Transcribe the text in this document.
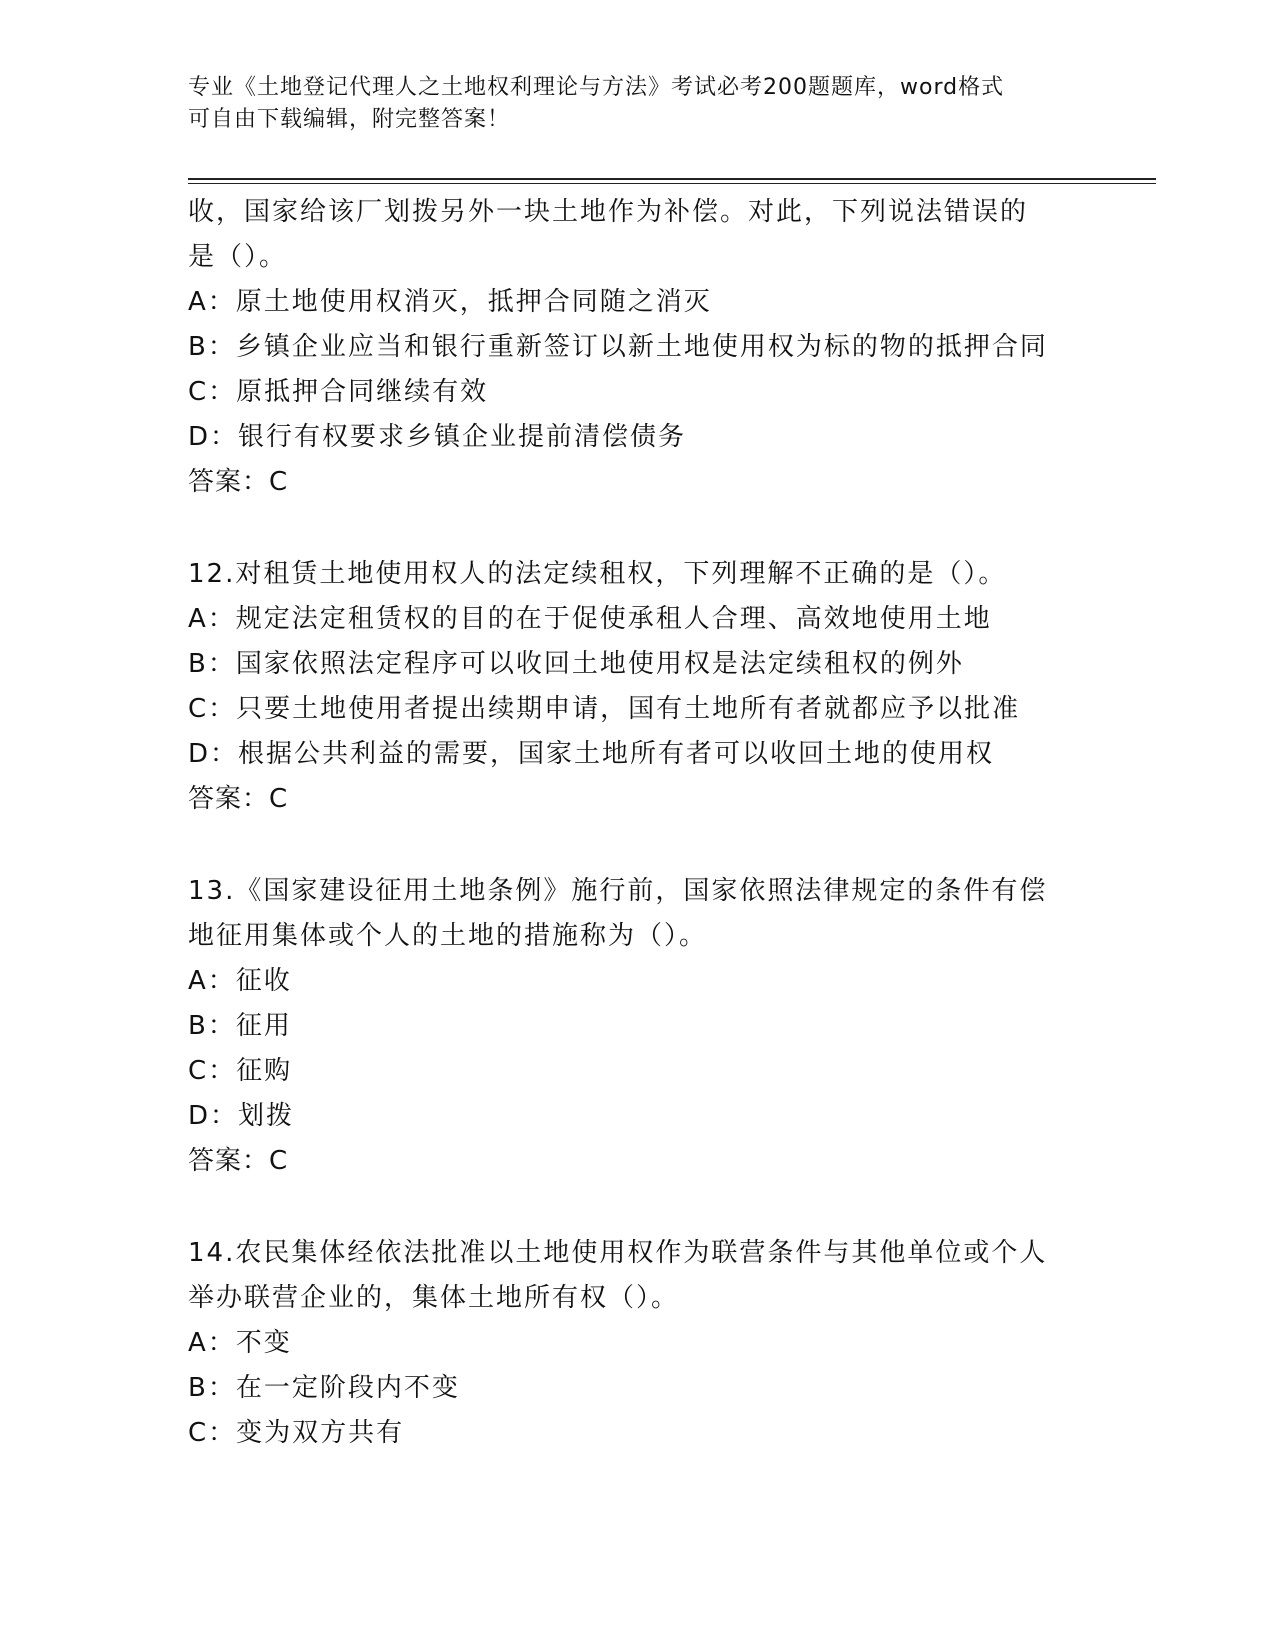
专业《土地登记代理人之土地权利理论与方法》考试必考200题题库，word格式
可自由下载编辑，附完整答案！
收，国家给该厂划拨另外一块土地作为补偿。对此，下列说法错误的
是（）。
A：原土地使用权消灭，抵押合同随之消灭
B：乡镇企业应当和银行重新签订以新土地使用权为标的物的抵押合同
C：原抵押合同继续有效
D：银行有权要求乡镇企业提前清偿债务
答案：C
12.对租赁土地使用权人的法定续租权，下列理解不正确的是（）。
A：规定法定租赁权的目的在于促使承租人合理、高效地使用土地
B：国家依照法定程序可以收回土地使用权是法定续租权的例外
C：只要土地使用者提出续期申请，国有土地所有者就都应予以批准
D：根据公共利益的需要，国家土地所有者可以收回土地的使用权
答案：C
13.《国家建设征用土地条例》施行前，国家依照法律规定的条件有偿
地征用集体或个人的土地的措施称为（）。
A：征收
B：征用
C：征购
D：划拨
答案：C
14.农民集体经依法批准以土地使用权作为联营条件与其他单位或个人
举办联营企业的，集体土地所有权（）。
A：不变
B：在一定阶段内不变
C：变为双方共有
